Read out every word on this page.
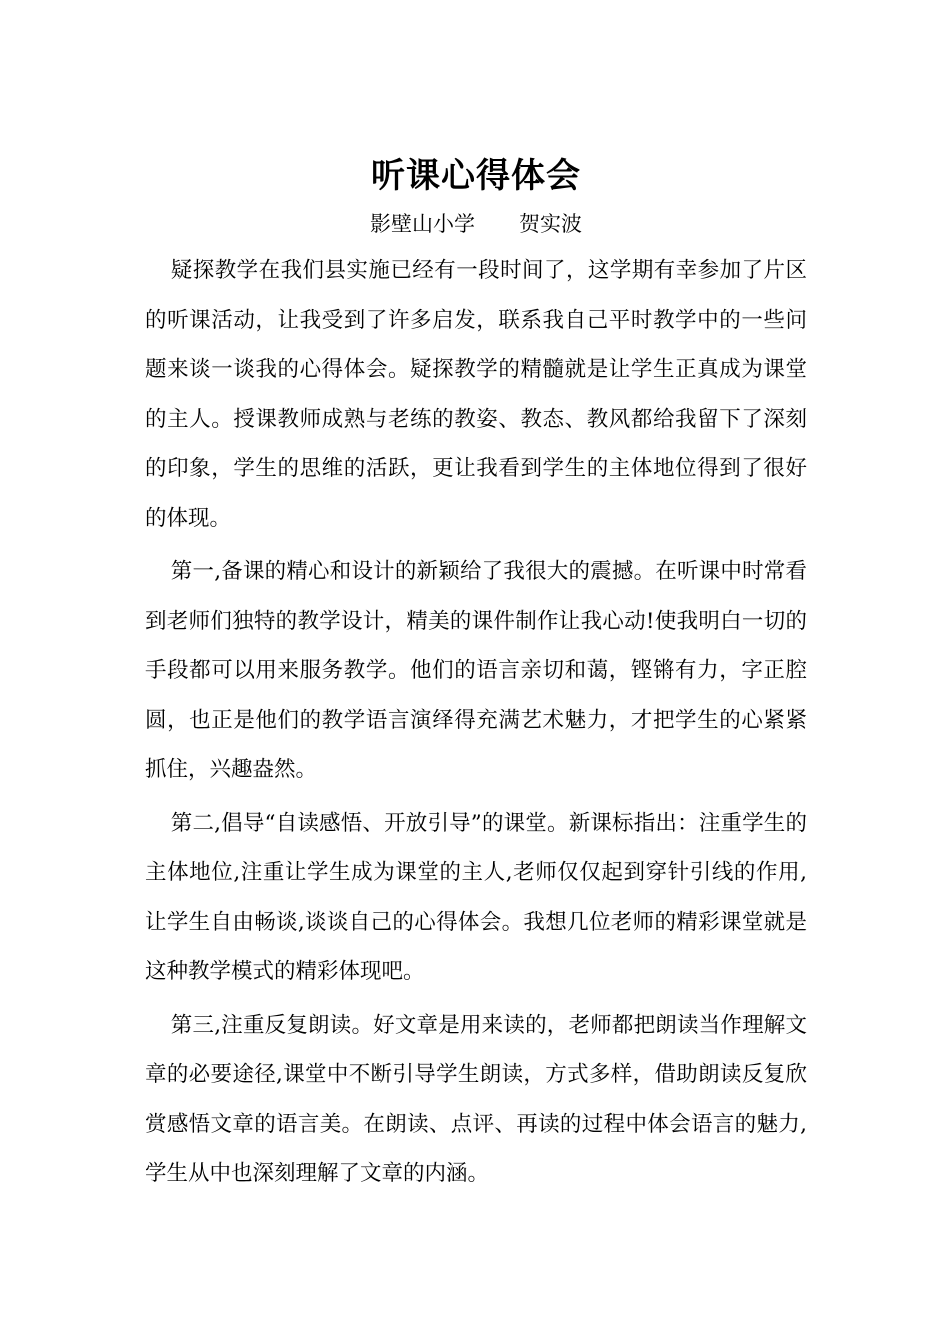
听课心得体会
影壁山小学 贺实波

疑探教学在我们县实施已经有一段时间了，这学期有幸参加了片区的听课活动，让我受到了许多启发，联系我自己平时教学中的一些问题来谈一谈我的心得体会。疑探教学的精髓就是让学生正真成为课堂的主人。授课教师成熟与老练的教姿、教态、教风都给我留下了深刻的印象，学生的思维的活跃，更让我看到学生的主体地位得到了很好的体现。

第一,备课的精心和设计的新颖给了我很大的震撼。在听课中时常看到老师们独特的教学设计，精美的课件制作让我心动!使我明白一切的手段都可以用来服务教学。他们的语言亲切和蔼，铿锵有力，字正腔圆，也正是他们的教学语言演绎得充满艺术魅力，才把学生的心紧紧抓住，兴趣盎然。

第二,倡导“自读感悟、开放引导”的课堂。新课标指出：注重学生的主体地位,注重让学生成为课堂的主人,老师仅仅起到穿针引线的作用,让学生自由畅谈,谈谈自己的心得体会。我想几位老师的精彩课堂就是这种教学模式的精彩体现吧。

第三,注重反复朗读。好文章是用来读的，老师都把朗读当作理解文章的必要途径,课堂中不断引导学生朗读，方式多样，借助朗读反复欣赏感悟文章的语言美。在朗读、点评、再读的过程中体会语言的魅力,学生从中也深刻理解了文章的内涵。
